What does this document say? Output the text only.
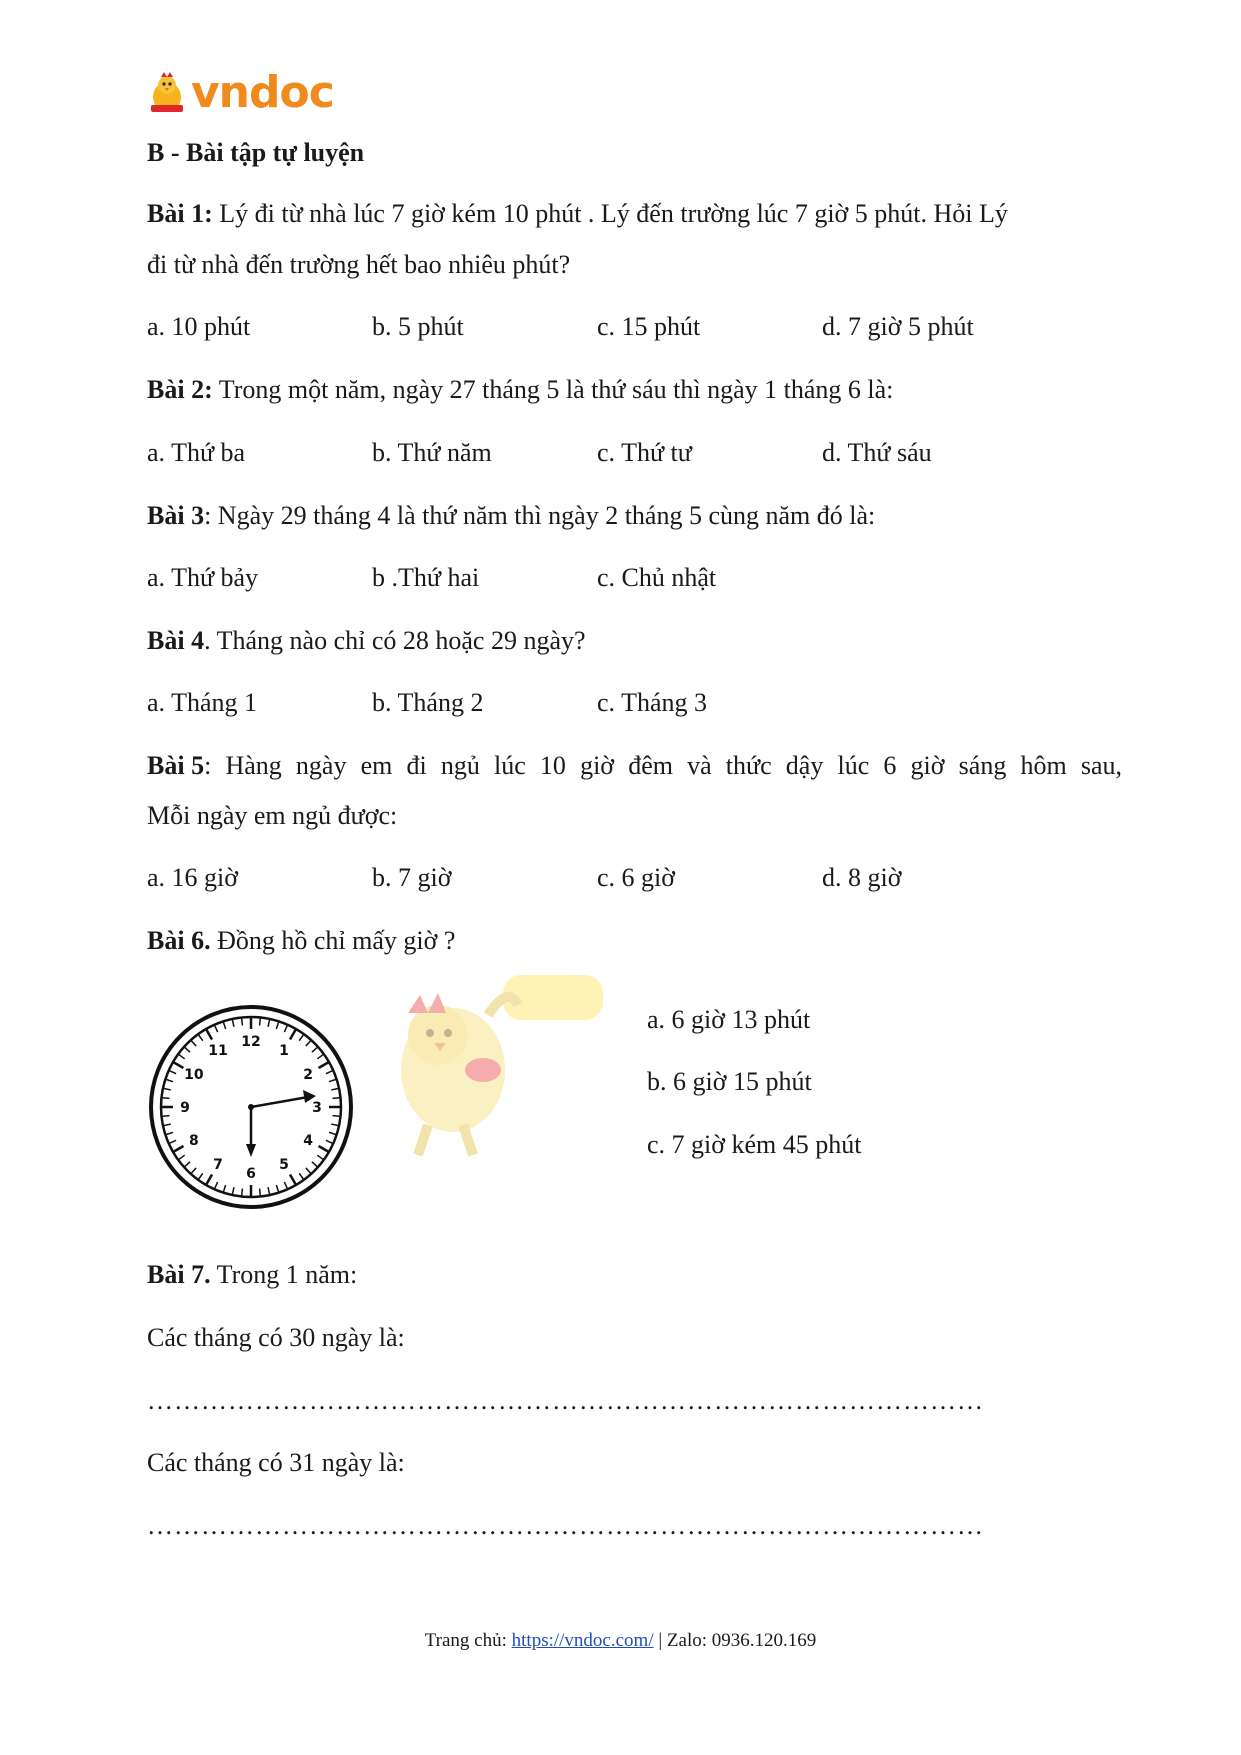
vndoc
B - Bài tập tự luyện
Bài 1: Lý đi từ nhà lúc 7 giờ kém 10 phút . Lý đến trường lúc 7 giờ 5 phút. Hỏi Lý
đi từ nhà đến trường hết bao nhiêu phút?
a. 10 phút	b. 5 phút	c. 15 phút	d. 7 giờ 5 phút
Bài 2: Trong một năm, ngày 27 tháng 5 là thứ sáu thì ngày 1 tháng 6 là:
a. Thứ ba	b. Thứ năm	c. Thứ tư	d. Thứ sáu
Bài 3: Ngày 29 tháng 4 là thứ năm thì ngày 2 tháng 5 cùng năm đó là:
a. Thứ bảy	b .Thứ hai	c. Chủ nhật
Bài 4. Tháng nào chỉ có 28 hoặc 29 ngày?
a. Tháng 1	b. Tháng 2	c. Tháng 3
Bài 5 : Hàng ngày em đi ngủ lúc 10 giờ đêm và thức dậy lúc 6 giờ sáng hôm sau,
Mỗi ngày em ngủ được:
a. 16 giờ	b. 7 giờ	c. 6 giờ	d. 8 giờ
Bài 6. Đồng hồ chỉ mấy giờ ?
12
1
2
3
4
5
6
7
8
9
10
11
a. 6 giờ 13 phút
b. 6 giờ 15 phút
c. 7 giờ kém 45 phút
Bài 7. Trong 1 năm:
Các tháng có 30 ngày là:
…………………………………………………………………………………
Các tháng có 31 ngày là:
…………………………………………………………………………………
Trang chủ: https://vndoc.com/ | Zalo: 0936.120.169
